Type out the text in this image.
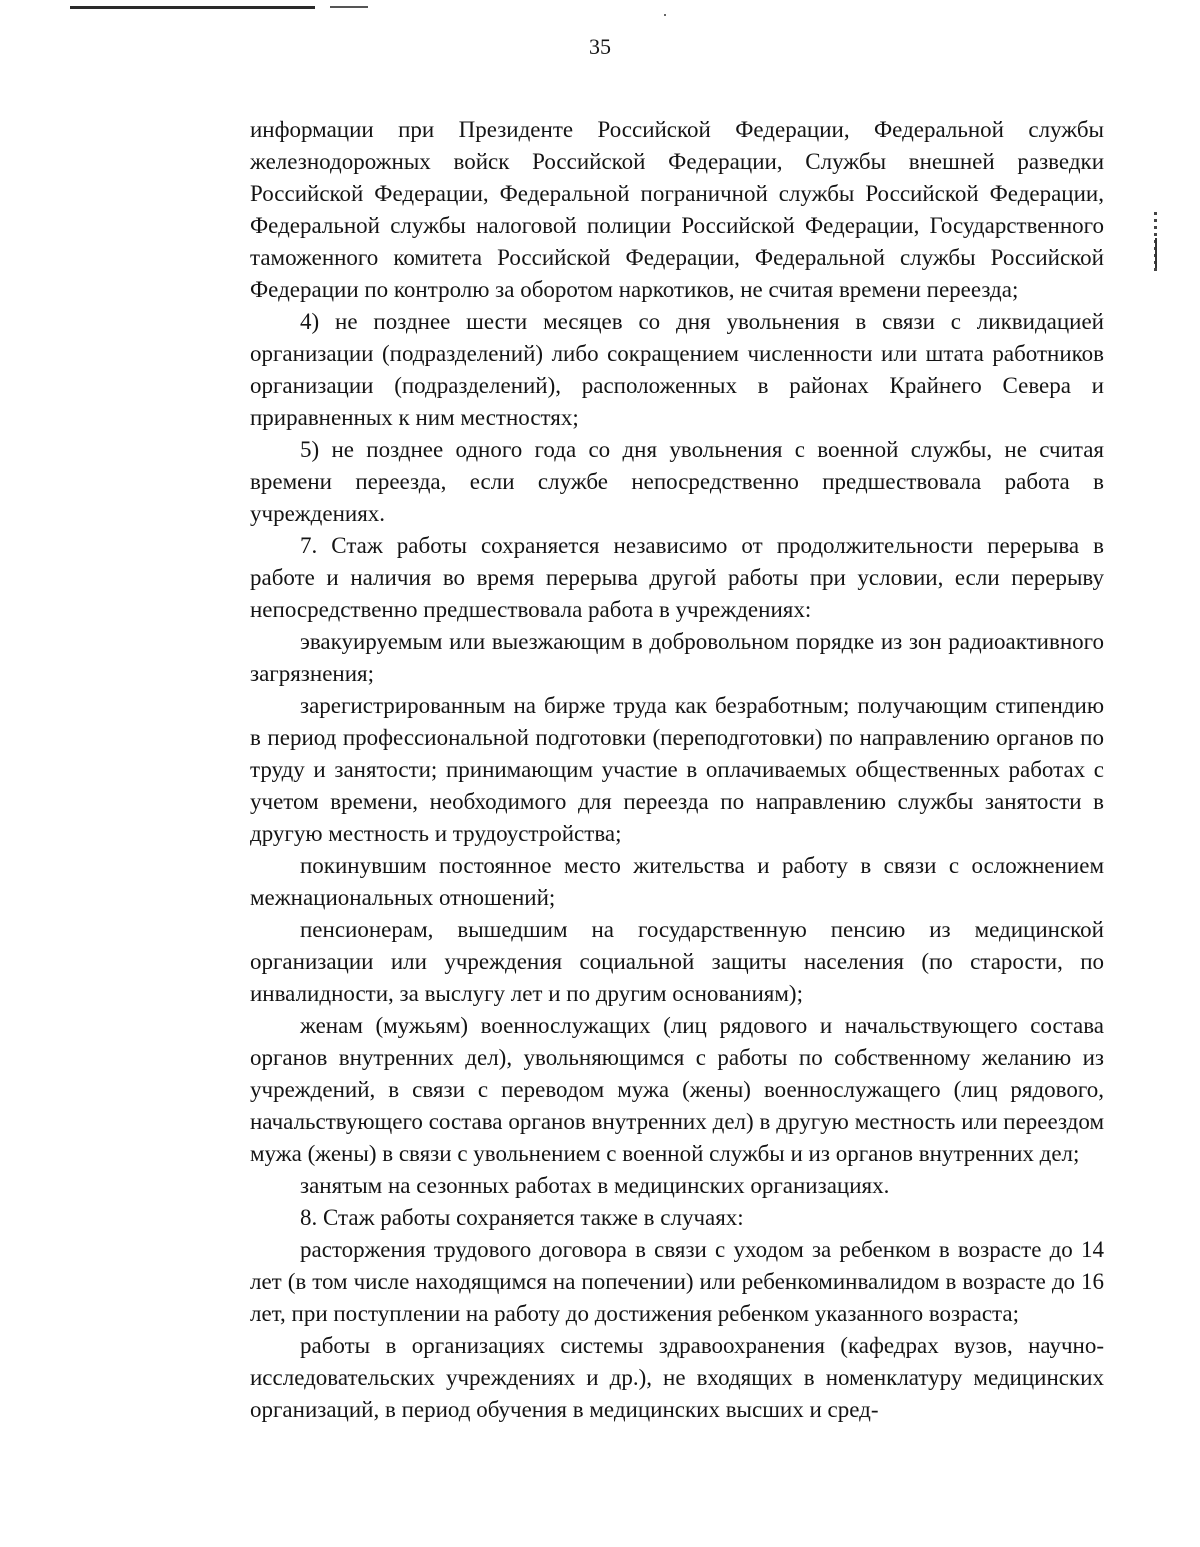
35

информации при Президенте Российской Федерации, Федеральной службы железнодорожных войск Российской Федерации, Службы внешней разведки Российской Федерации, Федеральной пограничной службы Российской Федерации, Федеральной службы налоговой полиции Российской Федерации, Государственного таможенного комитета Российской Федерации, Федеральной службы Российской Федерации по контролю за оборотом наркотиков, не считая времени переезда;

4) не позднее шести месяцев со дня увольнения в связи с ликвидацией организации (подразделений) либо сокращением численности или штата работников организации (подразделений), расположенных в районах Крайнего Севера и приравненных к ним местностях;

5) не позднее одного года со дня увольнения с военной службы, не считая времени переезда, если службе непосредственно предшествовала работа в учреждениях.

7. Стаж работы сохраняется независимо от продолжительности перерыва в работе и наличия во время перерыва другой работы при условии, если перерыву непосредственно предшествовала работа в учреждениях:

эвакуируемым или выезжающим в добровольном порядке из зон радиоактивного загрязнения;

зарегистрированным на бирже труда как безработным; получающим стипендию в период профессиональной подготовки (переподготовки) по направлению органов по труду и занятости; принимающим участие в оплачиваемых общественных работах с учетом времени, необходимого для переезда по направлению службы занятости в другую местность и трудоустройства;

покинувшим постоянное место жительства и работу в связи с осложнением межнациональных отношений;

пенсионерам, вышедшим на государственную пенсию из медицинской организации или учреждения социальной защиты населения (по старости, по инвалидности, за выслугу лет и по другим основаниям);

женам (мужьям) военнослужащих (лиц рядового и начальствующего состава органов внутренних дел), увольняющимся с работы по собственному желанию из учреждений, в связи с переводом мужа (жены) военнослужащего (лиц рядового, начальствующего состава органов внутренних дел) в другую местность или переездом мужа (жены) в связи с увольнением с военной службы и из органов внутренних дел;

занятым на сезонных работах в медицинских организациях.

8. Стаж работы сохраняется также в случаях:

расторжения трудового договора в связи с уходом за ребенком в возрасте до 14 лет (в том числе находящимся на попечении) или ребенкоминвалидом в возрасте до 16 лет, при поступлении на работу до достижения ребенком указанного возраста;

работы в организациях системы здравоохранения (кафедрах вузов, научно-исследовательских учреждениях и др.), не входящих в номенклатуру медицинских организаций, в период обучения в медицинских высших и сред-
